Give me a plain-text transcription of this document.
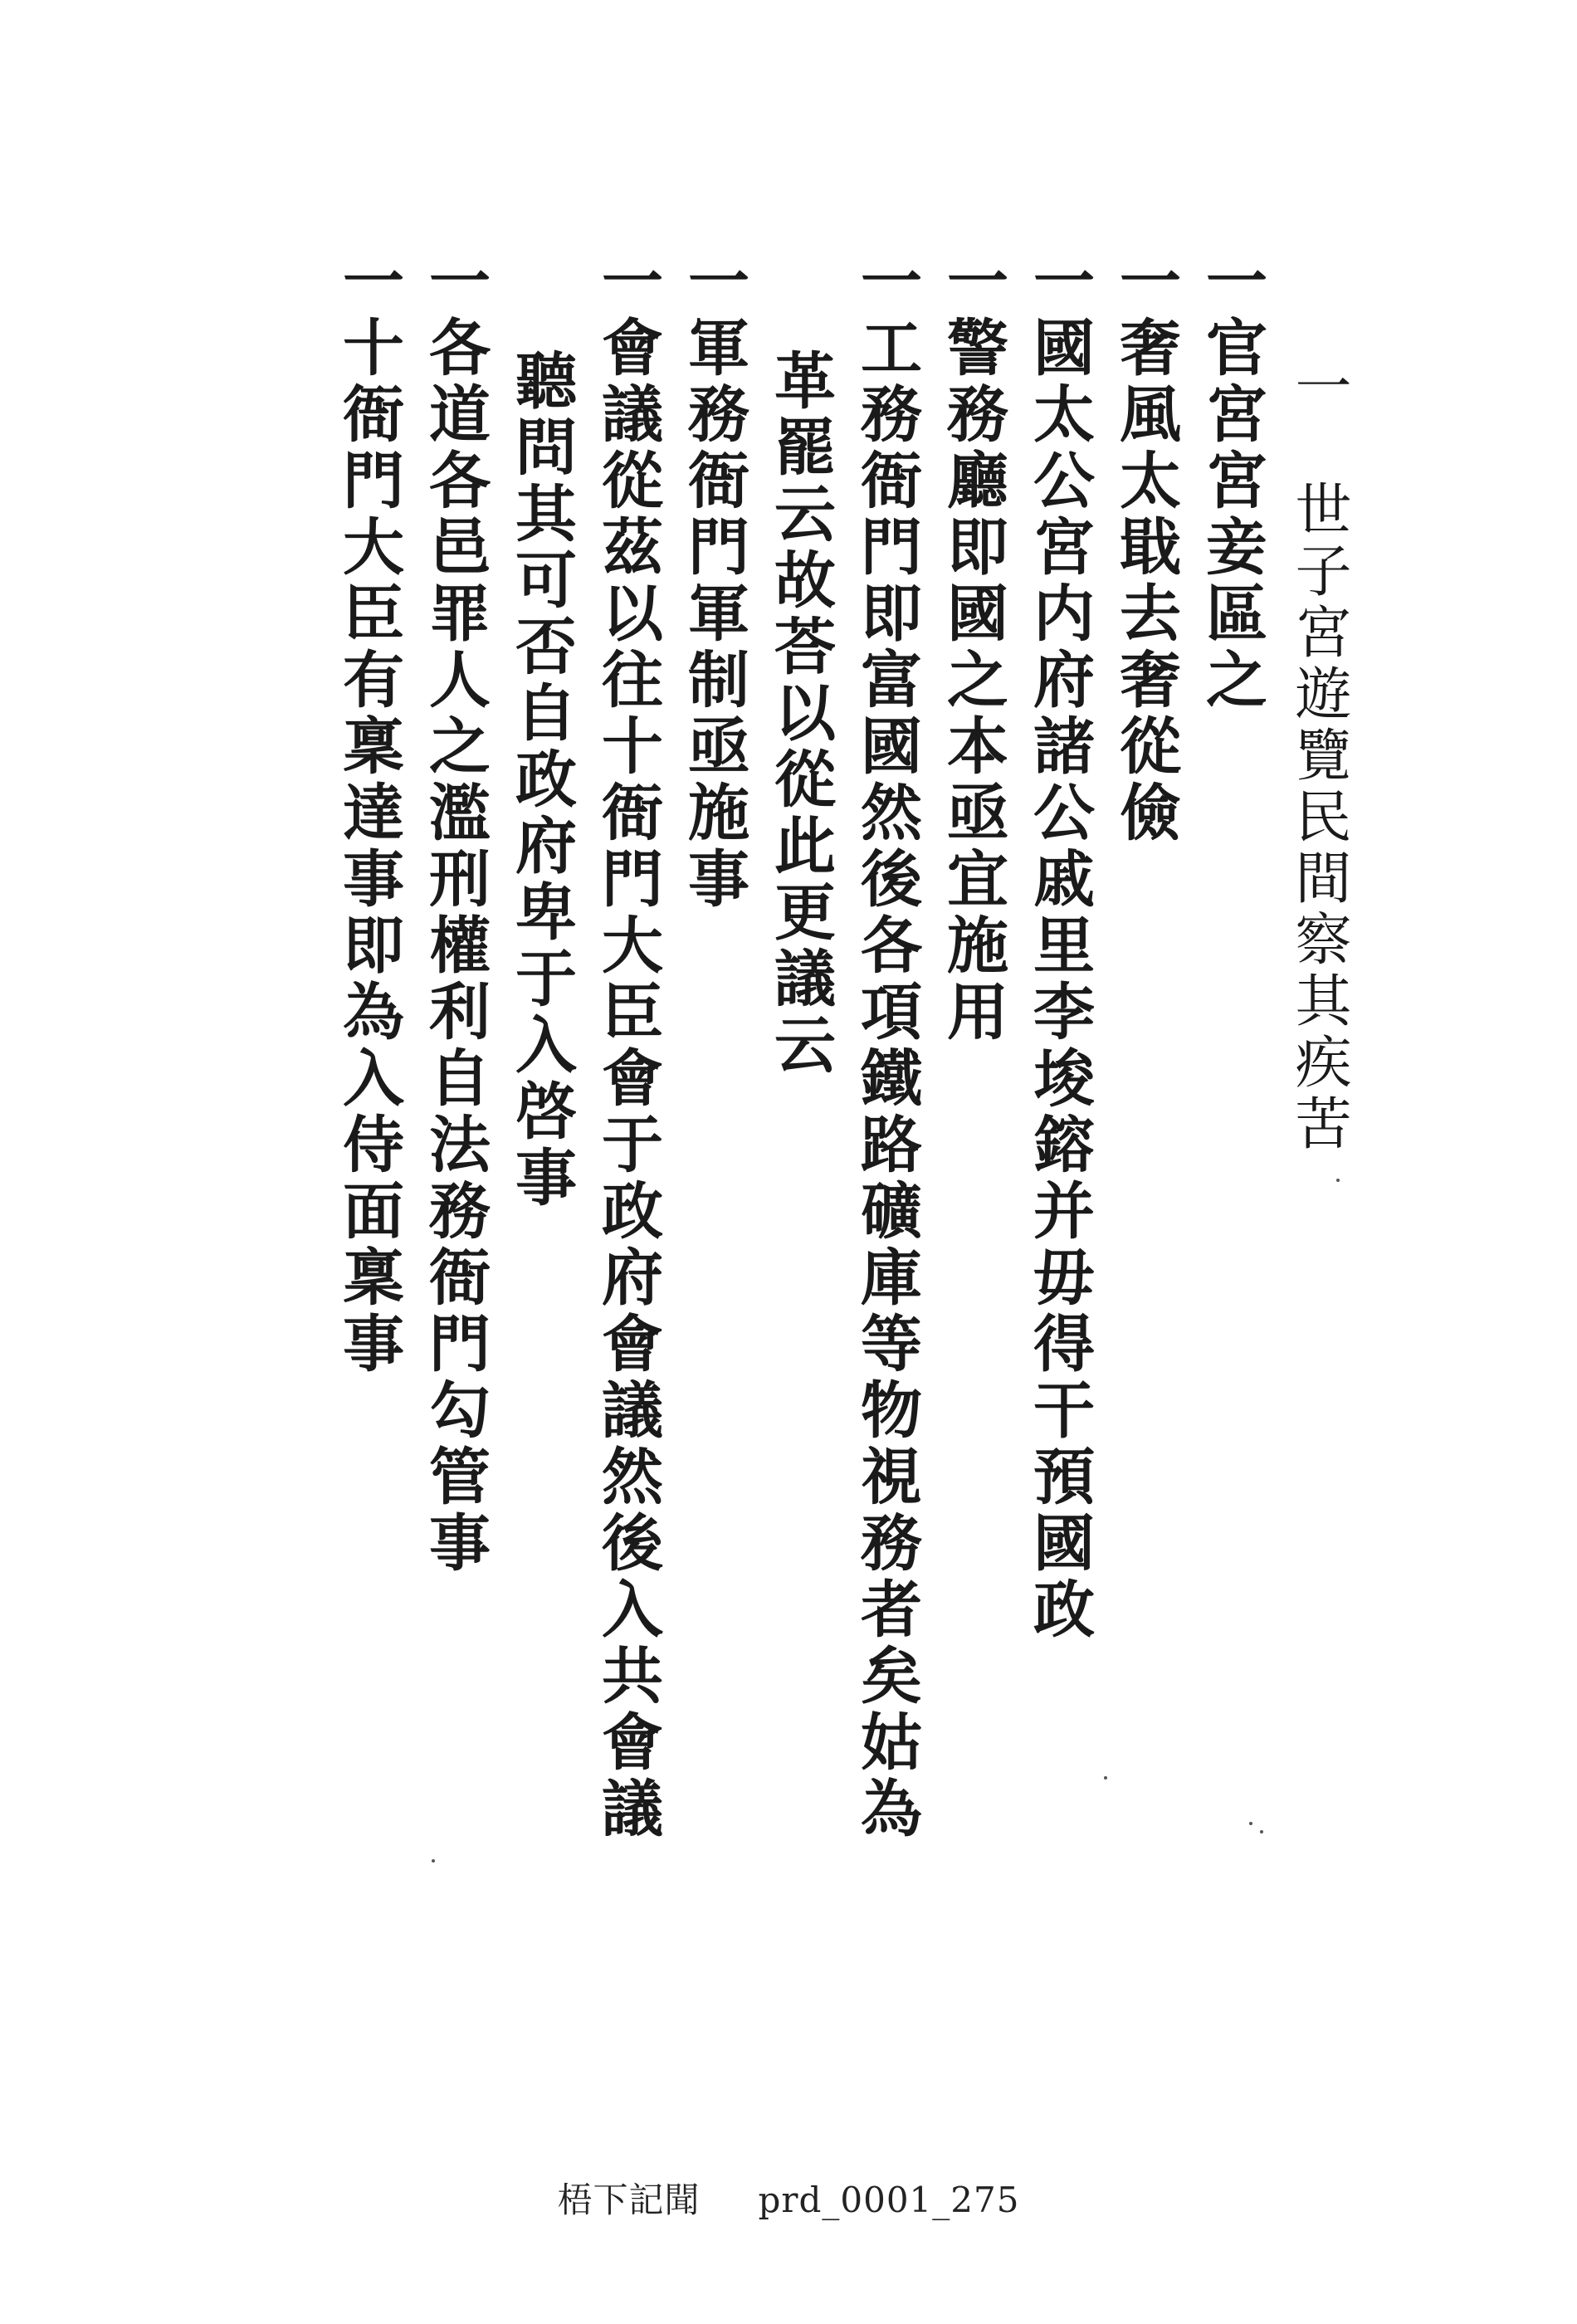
一　世子宮遊覽民間察其疾苦
一官宮宮妾區之
一奢風太戢去奢從儉
一國太公宮内府諸公戚里李埈鎔并毋得干預國政
一警務廳即國之本亟宜施用
一工務衙門即富國然後各項鐵路礦庫等物視務者矣姑為
革罷云故荅以從此更議云
一軍務衙門軍制亟施事
一會議從茲以往十衙門大臣會于政府會議然後入共會議
聽問其可否自政府卑于入啓事
一各道各邑罪人之濫刑權利自法務衙門勾管事
一十衙門大臣有稟達事即為入侍面稟事
梧下記聞 prd_0001_275
